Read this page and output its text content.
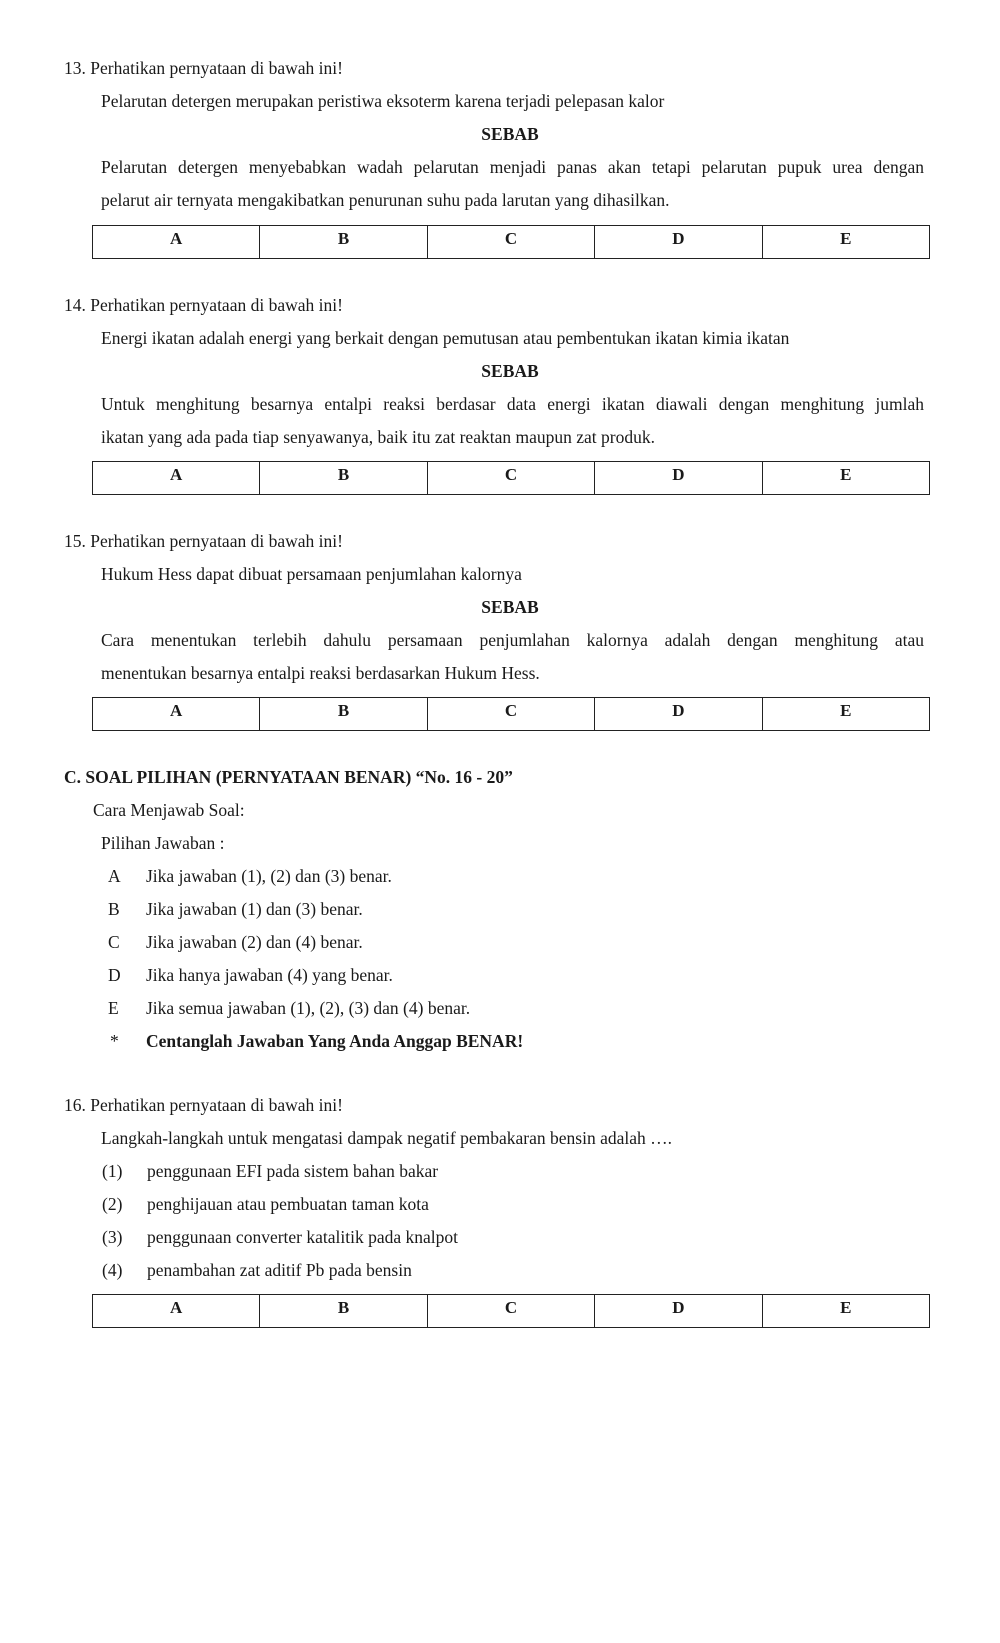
13. Perhatikan pernyataan di bawah ini!
Pelarutan detergen merupakan peristiwa eksoterm karena terjadi pelepasan kalor
SEBAB
Pelarutan detergen menyebabkan wadah pelarutan menjadi panas akan tetapi pelarutan pupuk urea dengan
pelarut air ternyata mengakibatkan penurunan suhu pada larutan yang dihasilkan.
A	B	C	D	E
14. Perhatikan pernyataan di bawah ini!
Energi ikatan adalah energi yang berkait dengan pemutusan atau pembentukan ikatan kimia ikatan
SEBAB
Untuk menghitung besarnya entalpi reaksi berdasar data energi ikatan diawali dengan menghitung jumlah
ikatan yang ada pada tiap senyawanya, baik itu zat reaktan maupun zat produk.
A	B	C	D	E
15. Perhatikan pernyataan di bawah ini!
Hukum Hess dapat dibuat persamaan penjumlahan kalornya
SEBAB
Cara menentukan terlebih dahulu persamaan penjumlahan kalornya adalah dengan menghitung atau
menentukan besarnya entalpi reaksi berdasarkan Hukum Hess.
A	B	C	D	E
C. SOAL PILIHAN (PERNYATAAN BENAR) “No. 16 - 20”
Cara Menjawab Soal:
Pilihan Jawaban :
A	Jika jawaban (1), (2) dan (3) benar.
B	Jika jawaban (1) dan (3) benar.
C	Jika jawaban (2) dan (4) benar.
D	Jika hanya jawaban (4) yang benar.
E	Jika semua jawaban (1), (2), (3) dan (4) benar.
*	Centanglah Jawaban Yang Anda Anggap BENAR!
16. Perhatikan pernyataan di bawah ini!
Langkah-langkah untuk mengatasi dampak negatif pembakaran bensin adalah ….
(1) penggunaan EFI pada sistem bahan bakar
(2) penghijauan atau pembuatan taman kota
(3) penggunaan converter katalitik pada knalpot
(4) penambahan zat aditif Pb pada bensin
A	B	C	D	E
